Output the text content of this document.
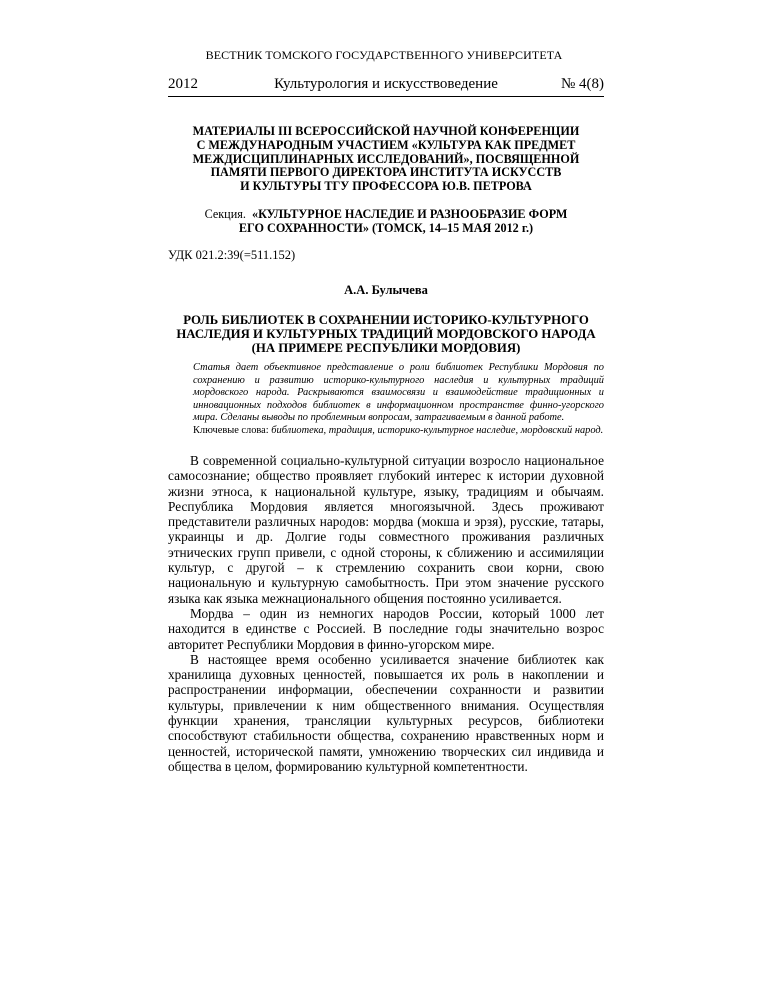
ВЕСТНИК ТОМСКОГО ГОСУДАРСТВЕННОГО УНИВЕРСИТЕТА
2012	Культурология и искусствоведение	№ 4(8)
МАТЕРИАЛЫ III ВСЕРОССИЙСКОЙ НАУЧНОЙ КОНФЕРЕНЦИИ
С МЕЖДУНАРОДНЫМ УЧАСТИЕМ «КУЛЬТУРА КАК ПРЕДМЕТ
МЕЖДИСЦИПЛИНАРНЫХ ИССЛЕДОВАНИЙ», ПОСВЯЩЕННОЙ
ПАМЯТИ ПЕРВОГО ДИРЕКТОРА ИНСТИТУТА ИСКУССТВ
И КУЛЬТУРЫ ТГУ ПРОФЕССОРА Ю.В. ПЕТРОВА
Секция. «КУЛЬТУРНОЕ НАСЛЕДИЕ И РАЗНООБРАЗИЕ ФОРМ
ЕГО СОХРАННОСТИ» (ТОМСК, 14–15 МАЯ 2012 г.)
УДК 021.2:39(=511.152)
А.А. Булычева
РОЛЬ БИБЛИОТЕК В СОХРАНЕНИИ ИСТОРИКО-КУЛЬТУРНОГО
НАСЛЕДИЯ И КУЛЬТУРНЫХ ТРАДИЦИЙ МОРДОВСКОГО НАРОДА
(НА ПРИМЕРЕ РЕСПУБЛИКИ МОРДОВИЯ)
Статья дает объективное представление о роли библиотек Республики Мордовия по сохранению и развитию историко-культурного наследия и культурных традиций мордовского народа. Раскрываются взаимосвязи и взаимодействие традиционных и инновационных подходов библиотек в информационном пространстве финно-угорского мира. Сделаны выводы по проблемным вопросам, затрагиваемым в данной работе.
Ключевые слова: библиотека, традиция, историко-культурное наследие, мордовский народ.

В современной социально-культурной ситуации возросло национальное самосознание; общество проявляет глубокий интерес к истории духовной жизни этноса, к национальной культуре, языку, традициям и обычаям. Республика Мордовия является многоязычной. Здесь проживают представители различных народов: мордва (мокша и эрзя), русские, татары, украинцы и др. Долгие годы совместного проживания различных этнических групп привели, с одной стороны, к сближению и ассимиляции культур, с другой – к стремлению сохранить свои корни, свою национальную и культурную самобытность. При этом значение русского языка как языка межнационального общения постоянно усиливается.

Мордва – один из немногих народов России, который 1000 лет находится в единстве с Россией. В последние годы значительно возрос авторитет Республики Мордовия в финно-угорском мире.

В настоящее время особенно усиливается значение библиотек как хранилища духовных ценностей, повышается их роль в накоплении и распространении информации, обеспечении сохранности и развитии культуры, привлечении к ним общественного внимания. Осуществляя функции хранения, трансляции культурных ресурсов, библиотеки способствуют стабильности общества, сохранению нравственных норм и ценностей, исторической памяти, умножению творческих сил индивида и общества в целом, формированию культурной компетентности.
